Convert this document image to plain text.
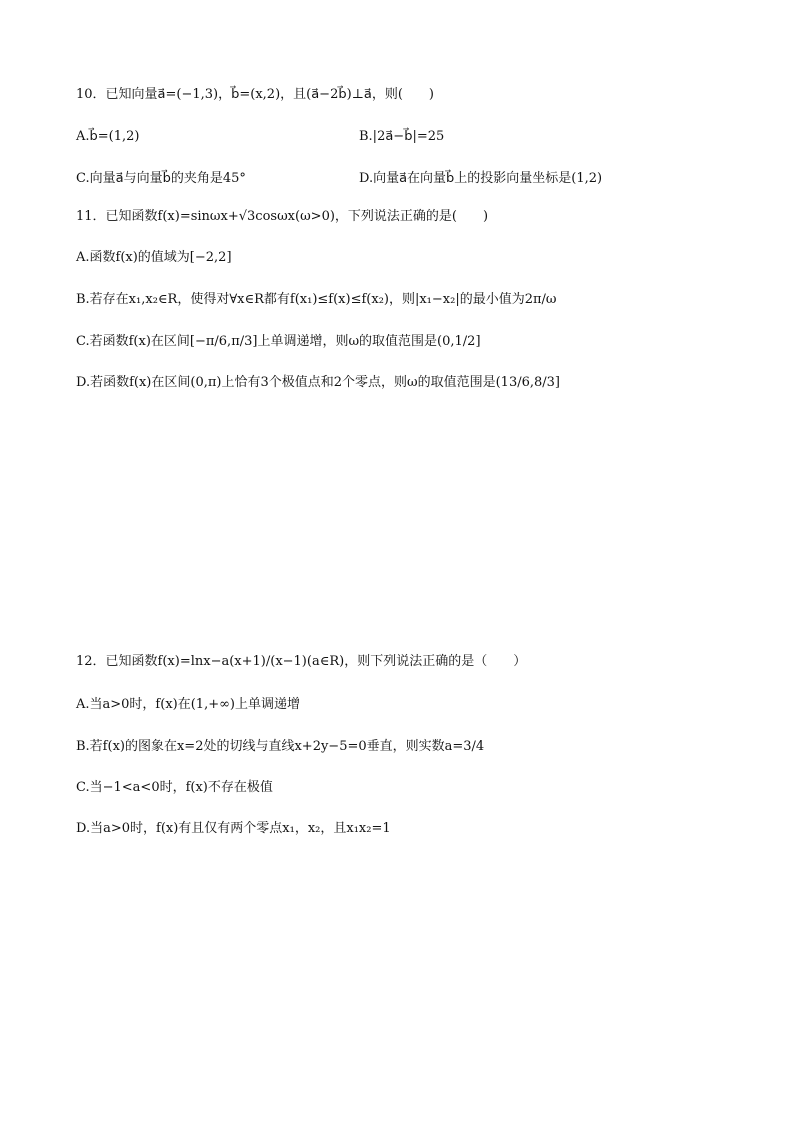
10．已知向量a⃗=(−1,3)，b⃗=(x,2)，且(a⃗−2b⃗)⊥a⃗，则(　　)
A.b⃗=(1,2)	B.|2a⃗−b⃗|=25
C.向量a⃗与向量b⃗的夹角是45°	D.向量a⃗在向量b⃗上的投影向量坐标是(1,2)
11．已知函数f(x)=sinωx+√3cosωx(ω>0)，下列说法正确的是(　　)
A.函数f(x)的值域为[−2,2]
B.若存在x₁,x₂∈R，使得对∀x∈R都有f(x₁)≤f(x)≤f(x₂)，则|x₁−x₂|的最小值为2π/ω
C.若函数f(x)在区间[−π/6,π/3]上单调递增，则ω的取值范围是(0,1/2]
D.若函数f(x)在区间(0,π)上恰有3个极值点和2个零点，则ω的取值范围是(13/6,8/3]
12．已知函数f(x)=lnx−a(x+1)/(x−1)(a∈R)，则下列说法正确的是（　　）
A.当a>0时，f(x)在(1,+∞)上单调递增
B.若f(x)的图象在x=2处的切线与直线x+2y−5=0垂直，则实数a=3/4
C.当−1<a<0时，f(x)不存在极值
D.当a>0时，f(x)有且仅有两个零点x₁，x₂，且x₁x₂=1
